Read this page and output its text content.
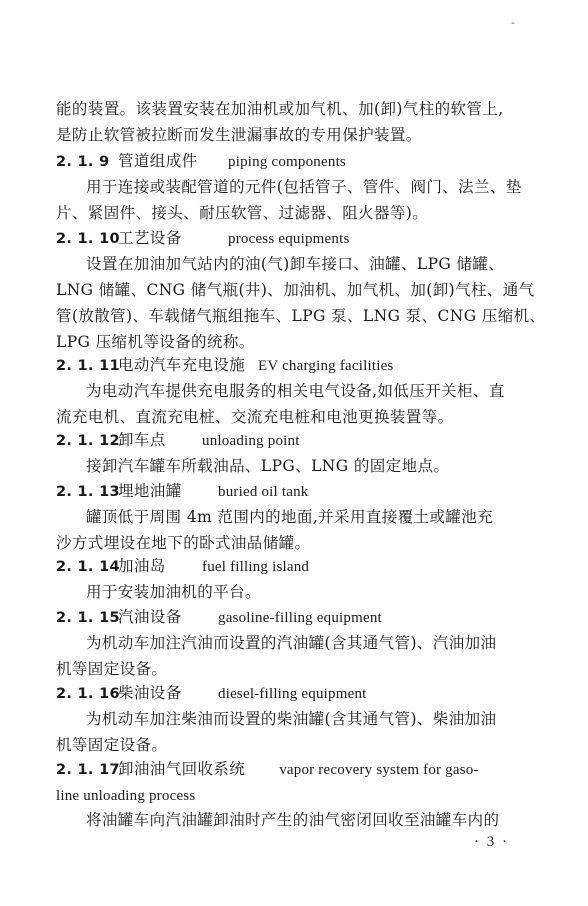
-
能的装置。该装置安装在加油机或加气机、加(卸)气柱的软管上,
是防止软管被拉断而发生泄漏事故的专用保护装置。
2. 1. 9 管道组成件 piping components
用于连接或装配管道的元件(包括管子、管件、阀门、法兰、垫
片、紧固件、接头、耐压软管、过滤器、阻火器等)。
2. 1. 10工艺设备	process equipments
设置在加油加气站内的油(气)卸车接口、油罐、LPG 储罐、
LNG 储罐、CNG 储气瓶(井)、加油机、加气机、加(卸)气柱、通气
管(放散管)、车载储气瓶组拖车、LPG 泵、LNG 泵、CNG 压缩机、
LPG 压缩机等设备的统称。
2. 1. 11电动汽车充电设施 EV charging facilities
为电动汽车提供充电服务的相关电气设备,如低压开关柜、直
流充电机、直流充电桩、交流充电桩和电池更换装置等。
2. 1. 12卸车点 unloading point
接卸汽车罐车所载油品、LPG、LNG 的固定地点。
2. 1. 13埋地油罐 buried oil tank
罐顶低于周围 4m 范围内的地面,并采用直接覆土或罐池充
沙方式埋设在地下的卧式油品储罐。
2. 1. 14加油岛 fuel filling island
用于安装加油机的平台。
2. 1. 15汽油设备 gasoline-filling equipment
为机动车加注汽油而设置的汽油罐(含其通气管)、汽油加油
机等固定设备。
2. 1. 16柴油设备 diesel-filling equipment
为机动车加注柴油而设置的柴油罐(含其通气管)、柴油加油
机等固定设备。
2. 1. 17卸油油气回收系统 vapor recovery system for gaso-
line unloading process
将油罐车向汽油罐卸油时产生的油气密闭回收至油罐车内的
· 3 ·
